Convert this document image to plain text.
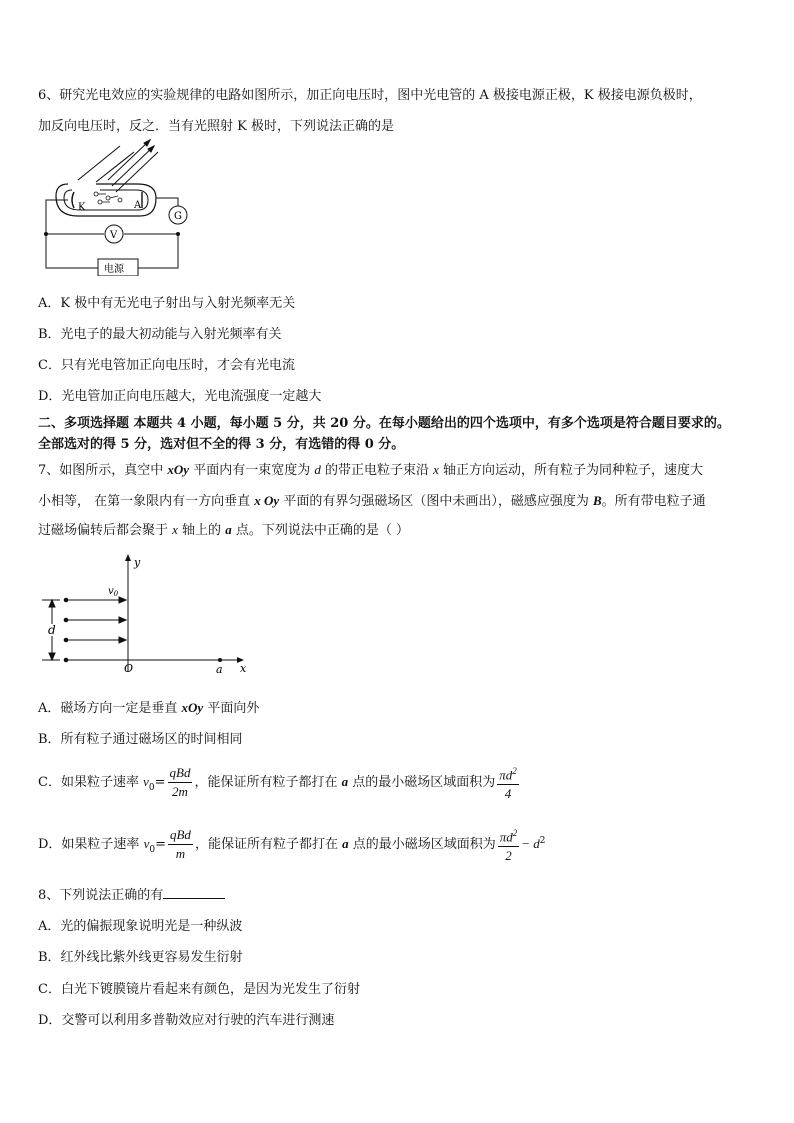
6、研究光电效应的实验规律的电路如图所示，加正向电压时，图中光电管的 A 极接电源正极，K 极接电源负极时，
加反向电压时，反之．当有光照射 K 极时，下列说法正确的是
K	A
G
V
电源
A．K 极中有无光电子射出与入射光频率无关
B．光电子的最大初动能与入射光频率有关
C．只有光电管加正向电压时，才会有光电流
D．光电管加正向电压越大，光电流强度一定越大
二、多项选择题 本题共 4 小题，每小题 5 分，共 20 分。在每小题给出的四个选项中，有多个选项是符合题目要求的。
全部选对的得 5 分，选对但不全的得 3 分，有选错的得 0 分。
7、如图所示，真空中 xOy 平面内有一束宽度为 d 的带正电粒子束沿 x 轴正方向运动，所有粒子为同种粒子，速度大
小相等， 在第一象限内有一方向垂直 x Oy 平面的有界匀强磁场区（图中未画出），磁感应强度为 B。所有带电粒子通
过磁场偏转后都会聚于 x 轴上的 a 点。下列说法中正确的是（ ）
y
x
O	a
$v_0$
d
A．磁场方向一定是垂直 xOy 平面向外
B．所有粒子通过磁场区的时间相同
C．如果粒子速率 $v_0= \frac{\text{qBd}}{2m}$ ，能保证所有粒子都打在 a 点的最小磁场区域面积为 $\frac{\pi d^2}{4}$
D．如果粒子速率 $v_0= \frac{\text{qBd}}{m}$ ，能保证所有粒子都打在 a 点的最小磁场区域面积为 $\frac{\pi d^2}{2} - d^2$
8、下列说法正确的有
A．光的偏振现象说明光是一种纵波
B．红外线比紫外线更容易发生衍射
C．白光下镀膜镜片看起来有颜色，是因为光发生了衍射
D．交警可以利用多普勒效应对行驶的汽车进行测速
